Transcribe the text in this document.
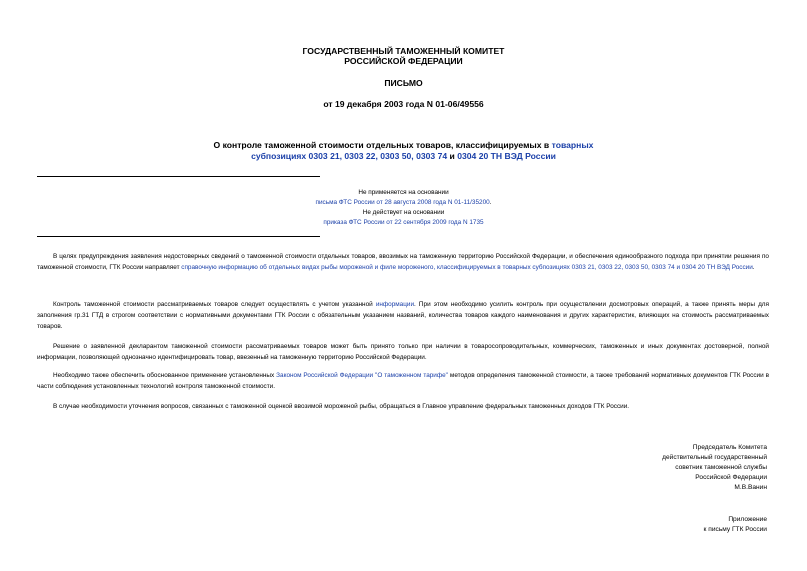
ГОСУДАРСТВЕННЫЙ ТАМОЖЕННЫЙ КОМИТЕТ
РОССИЙСКОЙ ФЕДЕРАЦИИ
ПИСЬМО
от 19 декабря 2003 года N 01-06/49556
О контроле таможенной стоимости отдельных товаров, классифицируемых в товарных
субпозициях 0303 21, 0303 22, 0303 50, 0303 74 и 0304 20 ТН ВЭД России
Не применяется на основании
письма ФТС России от 28 августа 2008 года N 01-11/35200.
Не действует на основании
приказа ФТС России от 22 сентября 2009 года N 1735
В целях предупреждения заявления недостоверных сведений о таможенной стоимости отдельных товаров, ввозимых на таможенную территорию Российской Федерации, и обеспечения единообразного подхода при принятии решения по таможенной стоимости, ГТК России направляет справочную информацию об отдельных видах рыбы мороженой и филе мороженого, классифицируемых в товарных субпозициях 0303 21, 0303 22, 0303 50, 0303 74 и 0304 20 ТН ВЭД России.
Контроль таможенной стоимости рассматриваемых товаров следует осуществлять с учетом указанной информации. При этом необходимо усилить контроль при осуществлении досмотровых операций, а также принять меры для заполнения гр.31 ГТД в строгом соответствии с нормативными документами ГТК России с обязательным указанием названий, количества товаров каждого наименования и других характеристик, влияющих на стоимость рассматриваемых товаров.
Решение о заявленной декларантом таможенной стоимости рассматриваемых товаров может быть принято только при наличии в товаросопроводительных, коммерческих, таможенных и иных документах достоверной, полной информации, позволяющей однозначно идентифицировать товар, ввезенный на таможенную территорию Российской Федерации.
Необходимо также обеспечить обоснованное применение установленных Законом Российской Федерации "О таможенном тарифе" методов определения таможенной стоимости, а также требований нормативных документов ГТК России в части соблюдения установленных технологий контроля таможенной стоимости.
В случае необходимости уточнения вопросов, связанных с таможенной оценкой ввозимой мороженой рыбы, обращаться в Главное управление федеральных таможенных доходов ГТК России.
Председатель Комитета
действительный государственный
советник таможенной службы
Российской Федерации
М.В.Ванин
Приложение
к письму ГТК России
